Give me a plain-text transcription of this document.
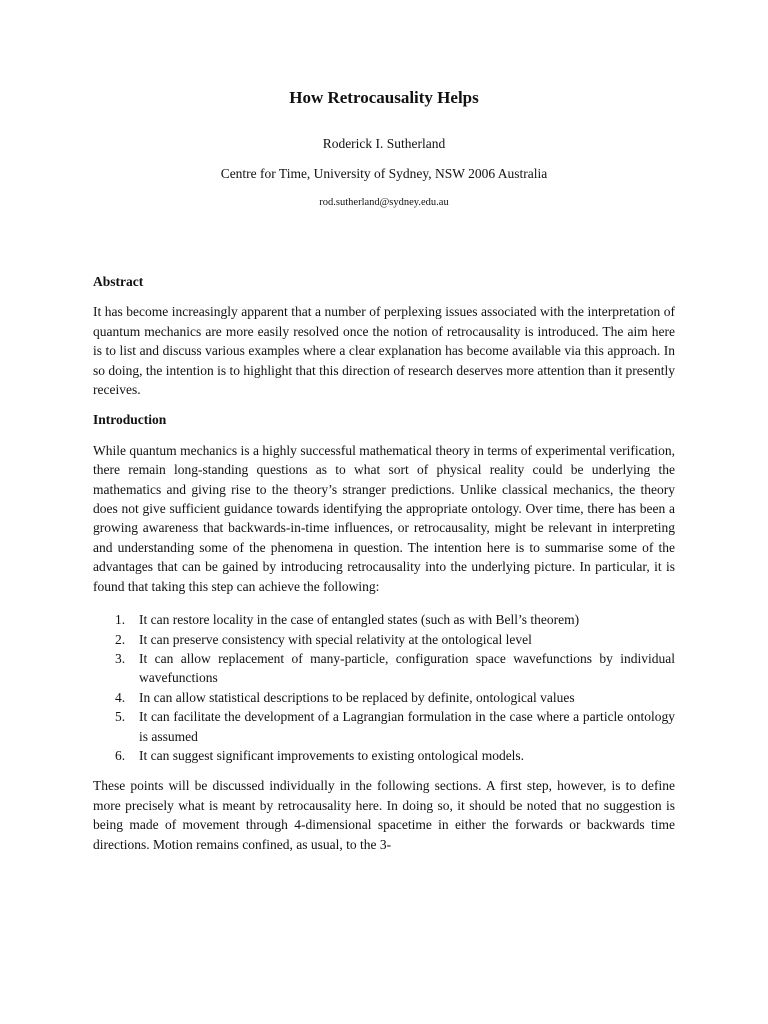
How Retrocausality Helps
Roderick I. Sutherland
Centre for Time, University of Sydney, NSW 2006 Australia
rod.sutherland@sydney.edu.au
Abstract

It has become increasingly apparent that a number of perplexing issues associated with the interpretation of quantum mechanics are more easily resolved once the notion of retrocausality is introduced. The aim here is to list and discuss various examples where a clear explanation has become available via this approach. In so doing, the intention is to highlight that this direction of research deserves more attention than it presently receives.

Introduction

While quantum mechanics is a highly successful mathematical theory in terms of experimental verification, there remain long-standing questions as to what sort of physical reality could be underlying the mathematics and giving rise to the theory’s stranger predictions. Unlike classical mechanics, the theory does not give sufficient guidance towards identifying the appropriate ontology. Over time, there has been a growing awareness that backwards-in-time influences, or retrocausality, might be relevant in interpreting and understanding some of the phenomena in question. The intention here is to summarise some of the advantages that can be gained by introducing retrocausality into the underlying picture. In particular, it is found that taking this step can achieve the following:

1. It can restore locality in the case of entangled states (such as with Bell’s theorem)
2. It can preserve consistency with special relativity at the ontological level
3. It can allow replacement of many-particle, configuration space wavefunctions by individual wavefunctions
4. In can allow statistical descriptions to be replaced by definite, ontological values
5. It can facilitate the development of a Lagrangian formulation in the case where a particle ontology is assumed
6. It can suggest significant improvements to existing ontological models.

These points will be discussed individually in the following sections. A first step, however, is to define more precisely what is meant by retrocausality here. In doing so, it should be noted that no suggestion is being made of movement through 4-dimensional spacetime in either the forwards or backwards time directions. Motion remains confined, as usual, to the 3-
